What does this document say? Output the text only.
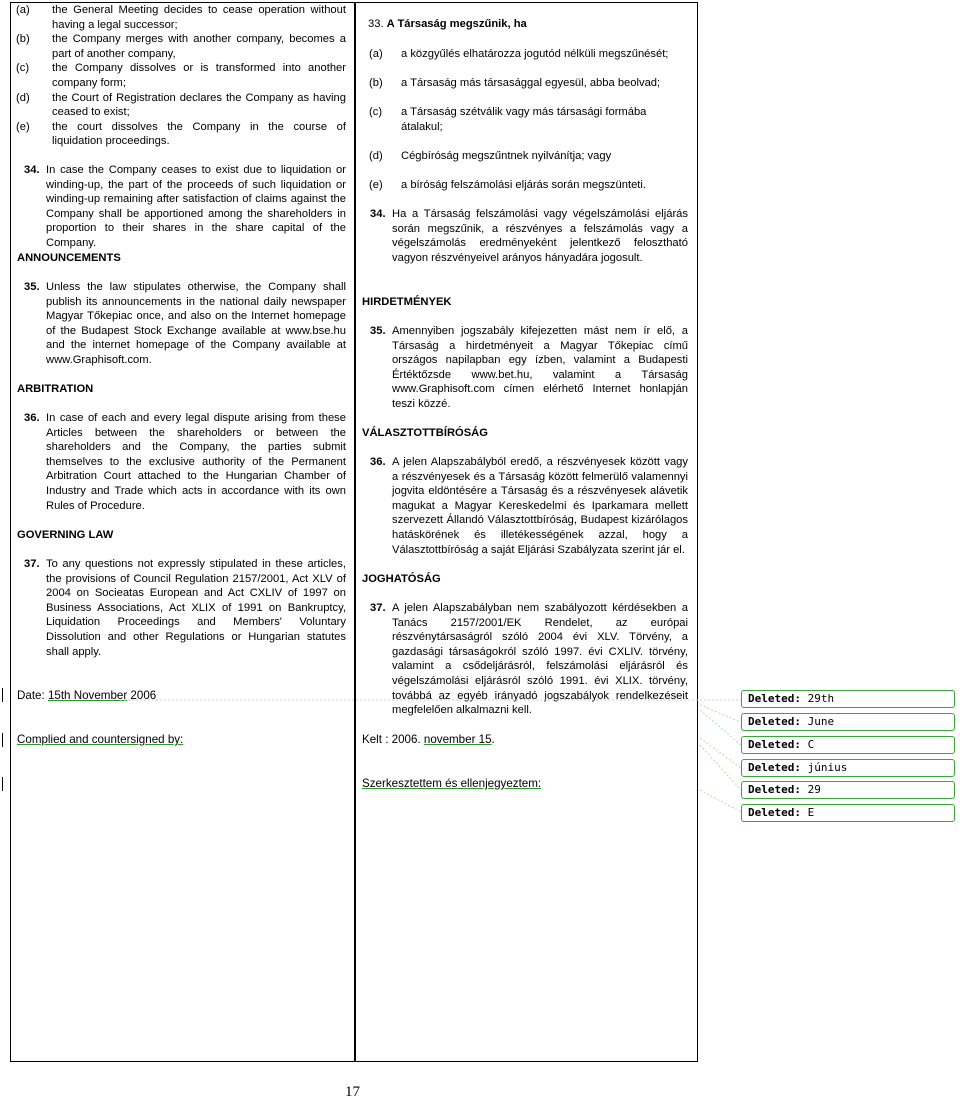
(a) the General Meeting decides to cease operation without having a legal successor;
(b) the Company merges with another company, becomes a part of another company,
(c) the Company dissolves or is transformed into another company form;
(d) the Court of Registration declares the Company as having ceased to exist;
(e) the court dissolves the Company in the course of liquidation proceedings.
34. In case the Company ceases to exist due to liquidation or winding-up, the part of the proceeds of such liquidation or winding-up remaining after satisfaction of claims against the Company shall be apportioned among the shareholders in proportion to their shares in the share capital of the Company.
ANNOUNCEMENTS
35. Unless the law stipulates otherwise, the Company shall publish its announcements in the national daily newspaper Magyar Tőkepiac once, and also on the Internet homepage of the Budapest Stock Exchange available at www.bse.hu and the internet homepage of the Company available at www.Graphisoft.com.
ARBITRATION
36. In case of each and every legal dispute arising from these Articles between the shareholders or between the shareholders and the Company, the parties submit themselves to the exclusive authority of the Permanent Arbitration Court attached to the Hungarian Chamber of Industry and Trade which acts in accordance with its own Rules of Procedure.
GOVERNING LAW
37. To any questions not expressly stipulated in these articles, the provisions of Council Regulation 2157/2001, Act XLV of 2004 on Socieatas European and Act CXLIV of 1997 on Business Associations, Act XLIX of 1991 on Bankruptcy, Liquidation Proceedings and Members' Voluntary Dissolution and other Regulations or Hungarian statutes shall apply.
Date: 15th November 2006
Complied and countersigned by:
33. A Társaság megszűnik, ha
(a) a közgyűlés elhatározza jogutód nélküli megszűnését;
(b) a Társaság más társasággal egyesül, abba beolvad;
(c) a Társaság szétválik vagy más társasági formába átalakul;
(d) Cégbíróság megszűntnek nyilvánítja; vagy
(e) a bíróság felszámolási eljárás során megszünteti.
34. Ha a Társaság felszámolási vagy végelszámolási eljárás során megszűnik, a részvényes a felszámolás vagy a végelszámolás eredményeként jelentkező felosztható vagyon részvényeivel arányos hányadára jogosult.
HIRDETMÉNYEK
35. Amennyiben jogszabály kifejezetten mást nem ír elő, a Társaság a hirdetményeit a Magyar Tőkepiac című országos napilapban egy ízben, valamint a Budapesti Értéktőzsde www.bet.hu, valamint a Társaság www.Graphisoft.com címen elérhető Internet honlapján teszi közzé.
VÁLASZTOTTBÍRÓSÁG
36. A jelen Alapszabályból eredő, a részvényesek között vagy a részvényesek és a Társaság között felmerülő valamennyi jogvita eldöntésére a Társaság és a részvényesek alávetik magukat a Magyar Kereskedelmi és Iparkamara mellett szervezett Állandó Választottbíróság, Budapest kizárólagos hatáskörének és illetékességének azzal, hogy a Választottbíróság a saját Eljárási Szabályzata szerint jár el.
JOGHATÓSÁG
37. A jelen Alapszabályban nem szabályozott kérdésekben a Tanács 2157/2001/EK Rendelet, az európai részvénytársaságról szóló 2004 évi XLV. Törvény, a gazdasági társaságokról szóló 1997. évi CXLIV. törvény, valamint a csődeljárásról, felszámolási eljárásról és végelszámolási eljárásról szóló 1991. évi XLIX. törvény, továbbá az egyéb irányadó jogszabályok rendelkezéseit megfelelően alkalmazni kell.
Kelt : 2006. november 15.
Szerkesztettem és ellenjegyeztem:
Deleted: 29th
Deleted: June
Deleted: C
Deleted: június
Deleted: 29
Deleted: E
17
